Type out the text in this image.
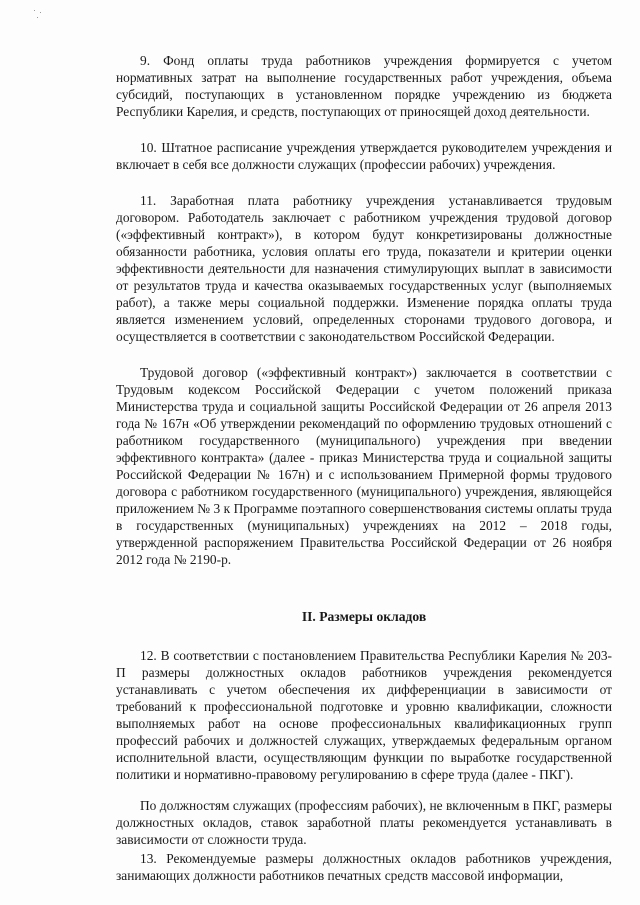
9. Фонд оплаты труда работников учреждения формируется с учетом нормативных затрат на выполнение государственных работ учреждения, объема субсидий, поступающих в установленном порядке учреждению из бюджета Республики Карелия, и средств, поступающих от приносящей доход деятельности.

10. Штатное расписание учреждения утверждается руководителем учреждения и включает в себя все должности служащих (профессии рабочих) учреждения.

11. Заработная плата работнику учреждения устанавливается трудовым договором. Работодатель заключает с работником учреждения трудовой договор («эффективный контракт»), в котором будут конкретизированы должностные обязанности работника, условия оплаты его труда, показатели и критерии оценки эффективности деятельности для назначения стимулирующих выплат в зависимости от результатов труда и качества оказываемых государственных услуг (выполняемых работ), а также меры социальной поддержки. Изменение порядка оплаты труда является изменением условий, определенных сторонами трудового договора, и осуществляется в соответствии с законодательством Российской Федерации.

Трудовой договор («эффективный контракт») заключается в соответствии с Трудовым кодексом Российской Федерации с учетом положений приказа Министерства труда и социальной защиты Российской Федерации от 26 апреля 2013 года № 167н «Об утверждении рекомендаций по оформлению трудовых отношений с работником государственного (муниципального) учреждения при введении эффективного контракта» (далее - приказ Министерства труда и социальной защиты Российской Федерации № 167н) и с использованием Примерной формы трудового договора с работником государственного (муниципального) учреждения, являющейся приложением № 3 к Программе поэтапного совершенствования системы оплаты труда в государственных (муниципальных) учреждениях на 2012 – 2018 годы, утвержденной распоряжением Правительства Российской Федерации от 26 ноября 2012 года № 2190-р.

II. Размеры окладов

12. В соответствии с постановлением Правительства Республики Карелия № 203-П размеры должностных окладов работников учреждения рекомендуется устанавливать с учетом обеспечения их дифференциации в зависимости от требований к профессиональной подготовке и уровню квалификации, сложности выполняемых работ на основе профессиональных квалификационных групп профессий рабочих и должностей служащих, утверждаемых федеральным органом исполнительной власти, осуществляющим функции по выработке государственной политики и нормативно-правовому регулированию в сфере труда (далее - ПКГ).

По должностям служащих (профессиям рабочих), не включенным в ПКГ, размеры должностных окладов, ставок заработной платы рекомендуется устанавливать в зависимости от сложности труда.

13. Рекомендуемые размеры должностных окладов работников учреждения, занимающих должности работников печатных средств массовой информации,
